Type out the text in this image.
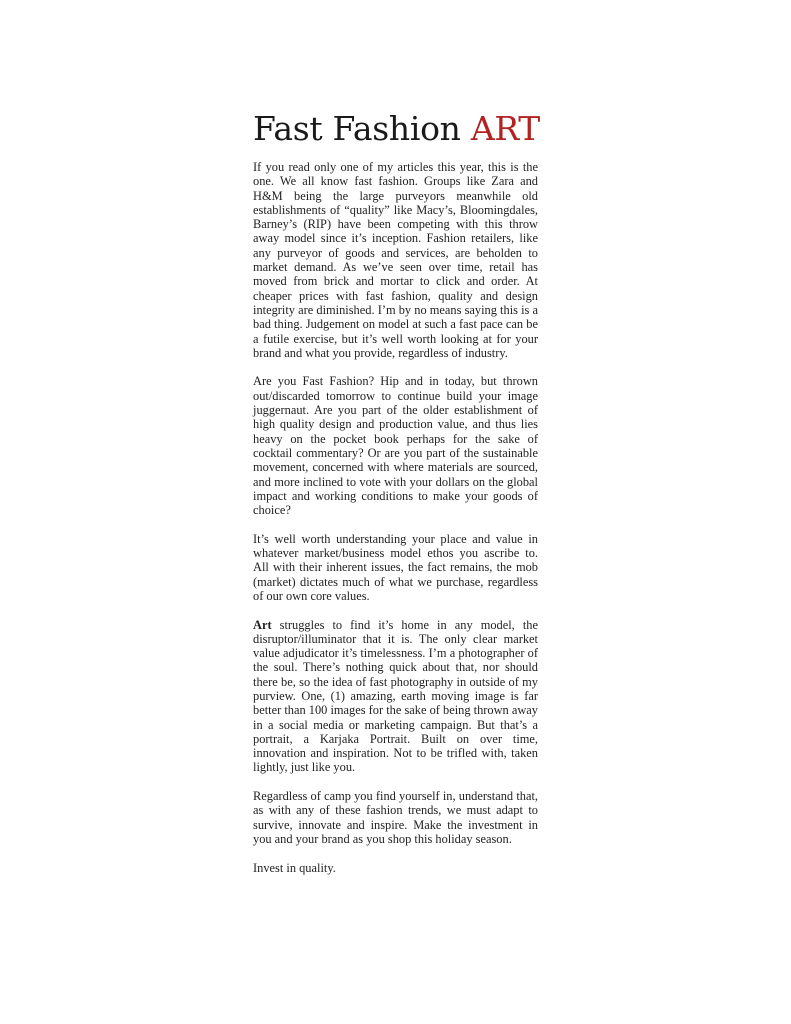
Fast Fashion ART

If you read only one of my articles this year, this is the one. We all know fast fashion. Groups like Zara and H&M being the large purveyors meanwhile old establishments of “quality” like Macy’s, Bloomingdales, Barney’s (RIP) have been competing with this throw away model since it’s inception. Fashion retailers, like any purveyor of goods and services, are beholden to market demand. As we’ve seen over time, retail has moved from brick and mortar to click and order. At cheaper prices with fast fashion, quality and design integrity are diminished. I’m by no means saying this is a bad thing. Judgement on model at such a fast pace can be a futile exercise, but it’s well worth looking at for your brand and what you provide, regardless of industry.

Are you Fast Fashion? Hip and in today, but thrown out/discarded tomorrow to continue build your image juggernaut. Are you part of the older establishment of high quality design and production value, and thus lies heavy on the pocket book perhaps for the sake of cocktail commentary? Or are you part of the sustainable movement, concerned with where materials are sourced, and more inclined to vote with your dollars on the global impact and working conditions to make your goods of choice?

It’s well worth understanding your place and value in whatever market/business model ethos you ascribe to. All with their inherent issues, the fact remains, the mob (market) dictates much of what we purchase, regardless of our own core values.

Art struggles to find it’s home in any model, the disruptor/illuminator that it is. The only clear market value adjudicator it’s timelessness. I’m a photographer of the soul. There’s nothing quick about that, nor should there be, so the idea of fast photography in outside of my purview. One, (1) amazing, earth moving image is far better than 100 images for the sake of being thrown away in a social media or marketing campaign. But that’s a portrait, a Karjaka Portrait. Built on over time, innovation and inspiration. Not to be trifled with, taken lightly, just like you.

Regardless of camp you find yourself in, understand that, as with any of these fashion trends, we must adapt to survive, innovate and inspire. Make the investment in you and your brand as you shop this holiday season.

Invest in quality.
